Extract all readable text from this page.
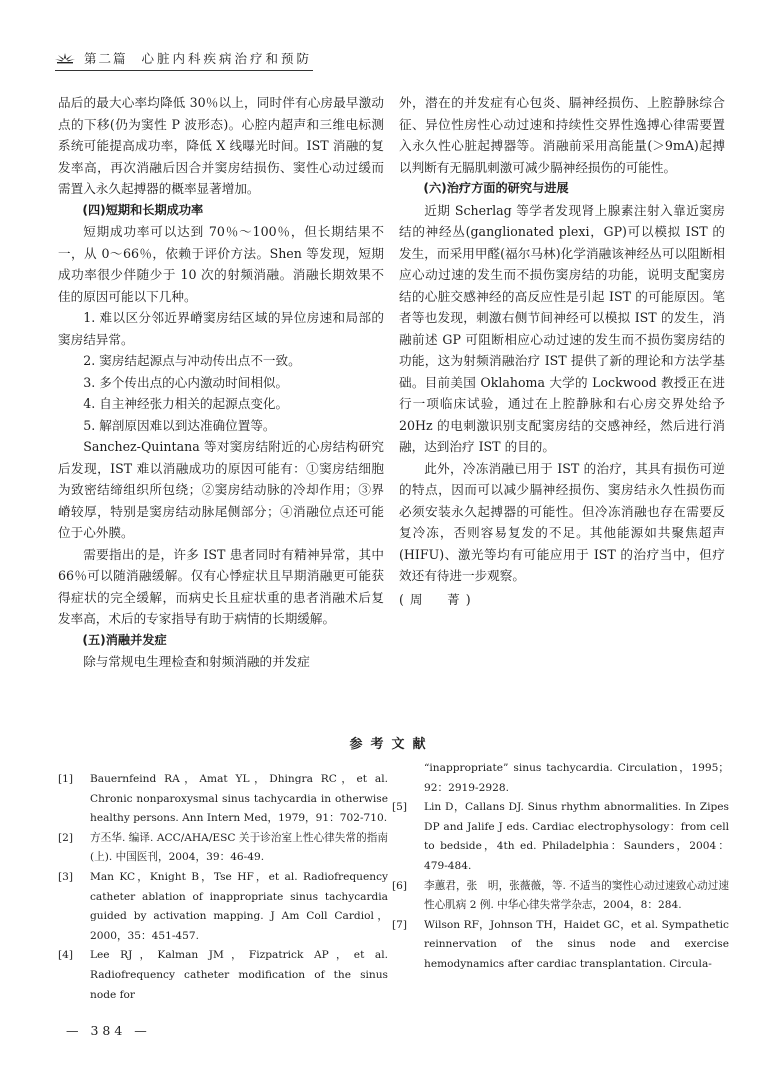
第二篇 心脏内科疾病治疗和预防

品后的最大心率均降低 30％以上，同时伴有心房最早激动点的下移(仍为窦性 P 波形态)。心腔内超声和三维电标测系统可能提高成功率，降低 X 线曝光时间。IST 消融的复发率高，再次消融后因合并窦房结损伤、窦性心动过缓而需置入永久起搏器的概率显著增加。

(四)短期和长期成功率

短期成功率可以达到 70％～100％，但长期结果不一，从 0～66％，依赖于评价方法。Shen 等发现，短期成功率很少伴随少于 10 次的射频消融。消融长期效果不佳的原因可能以下几种。

1. 难以区分邻近界嵴窦房结区域的异位房速和局部的窦房结异常。

2. 窦房结起源点与冲动传出点不一致。

3. 多个传出点的心内激动时间相似。

4. 自主神经张力相关的起源点变化。

5. 解剖原因难以到达准确位置等。

Sanchez-Quintana 等对窦房结附近的心房结构研究后发现，IST 难以消融成功的原因可能有：①窦房结细胞为致密结缔组织所包绕；②窦房结动脉的冷却作用；③界嵴较厚，特别是窦房结动脉尾侧部分；④消融位点还可能位于心外膜。

需要指出的是，许多 IST 患者同时有精神异常，其中 66％可以随消融缓解。仅有心悸症状且早期消融更可能获得症状的完全缓解，而病史长且症状重的患者消融术后复发率高，术后的专家指导有助于病情的长期缓解。

(五)消融并发症

除与常规电生理检查和射频消融的并发症

外，潜在的并发症有心包炎、膈神经损伤、上腔静脉综合征、异位性房性心动过速和持续性交界性逸搏心律需要置入永久性心脏起搏器等。消融前采用高能量(＞9mA)起搏以判断有无膈肌刺激可减少膈神经损伤的可能性。

(六)治疗方面的研究与进展

近期 Scherlag 等学者发现肾上腺素注射入靠近窦房结的神经丛(ganglionated plexi，GP)可以模拟 IST 的发生，而采用甲醛(福尔马林)化学消融该神经丛可以阻断相应心动过速的发生而不损伤窦房结的功能，说明支配窦房结的心脏交感神经的高反应性是引起 IST 的可能原因。笔者等也发现，刺激右侧节间神经可以模拟 IST 的发生，消融前述 GP 可阻断相应心动过速的发生而不损伤窦房结的功能，这为射频消融治疗 IST 提供了新的理论和方法学基础。目前美国 Oklahoma 大学的 Lockwood 教授正在进行一项临床试验，通过在上腔静脉和右心房交界处给予 20Hz 的电刺激识别支配窦房结的交感神经，然后进行消融，达到治疗 IST 的目的。

此外，冷冻消融已用于 IST 的治疗，其具有损伤可逆的特点，因而可以减少膈神经损伤、窦房结永久性损伤而必须安装永久起搏器的可能性。但冷冻消融也存在需要反复冷冻，否则容易复发的不足。其他能源如共聚焦超声(HIFU)、激光等均有可能应用于 IST 的治疗当中，但疗效还有待进一步观察。

(周　菁)

参考文献
[1]	Bauernfeind RA，Amat YL，Dhingra RC，et al. Chronic nonparoxysmal sinus tachycardia in otherwise healthy persons. Ann Intern Med，1979，91：702-710.
[2]	方丕华. 编译. ACC/AHA/ESC 关于诊治室上性心律失常的指南(上). 中国医刊，2004，39：46-49.
[3]	Man KC，Knight B，Tse HF，et al. Radiofrequency catheter ablation of inappropriate sinus tachycardia guided by activation mapping. J Am Coll Cardiol，2000，35：451-457.
[4]	Lee RJ，Kalman JM，Fizpatrick AP，et al. Radiofrequency catheter modification of the sinus node for
“inappropriate” sinus tachycardia. Circulation，1995；92：2919-2928.
[5]	Lin D，Callans DJ. Sinus rhythm abnormalities. In Zipes DP and Jalife J eds. Cardiac electrophysology：from cell to bedside，4th ed. Philadelphia：Saunders，2004：479-484.
[6]	李蕙君，张　明，张薇薇，等. 不适当的窦性心动过速致心动过速性心肌病 2 例. 中华心律失常学杂志，2004，8：284.
[7]	Wilson RF，Johnson TH，Haidet GC，et al. Sympathetic reinnervation of the sinus node and exercise hemodynamics after cardiac transplantation. Circula-
— 384 —
